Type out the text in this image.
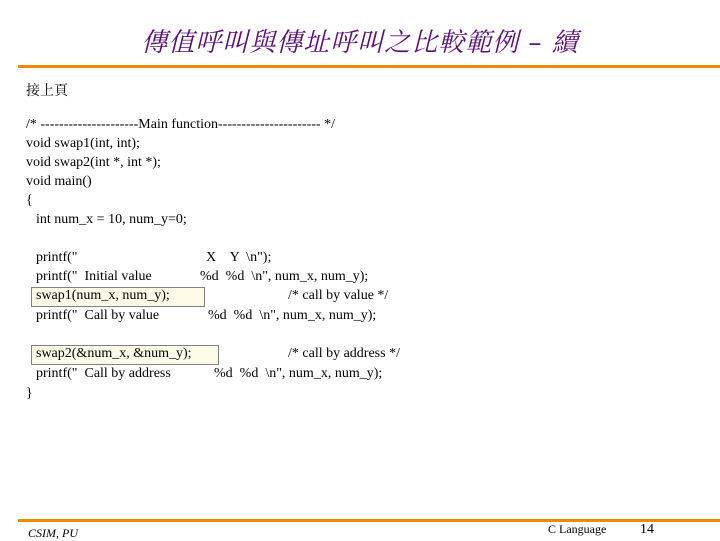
傳值呼叫與傳址呼叫之比較範例 – 續
接上頁
/* ---------------------Main function---------------------- */
void swap1(int, int);
void swap2(int *, int *);
void main()
{
int num_x = 10, num_y=0;
printf("	X    Y  \n");
printf("  Initial value	%d  %d  \n", num_x, num_y);
swap1(num_x, num_y);	/* call by value */
printf("  Call by value	%d  %d  \n", num_x, num_y);
swap2(&num_x, &num_y);	/* call by address */
printf("  Call by address	%d  %d  \n", num_x, num_y);
}
CSIM, PU	C Language 14
